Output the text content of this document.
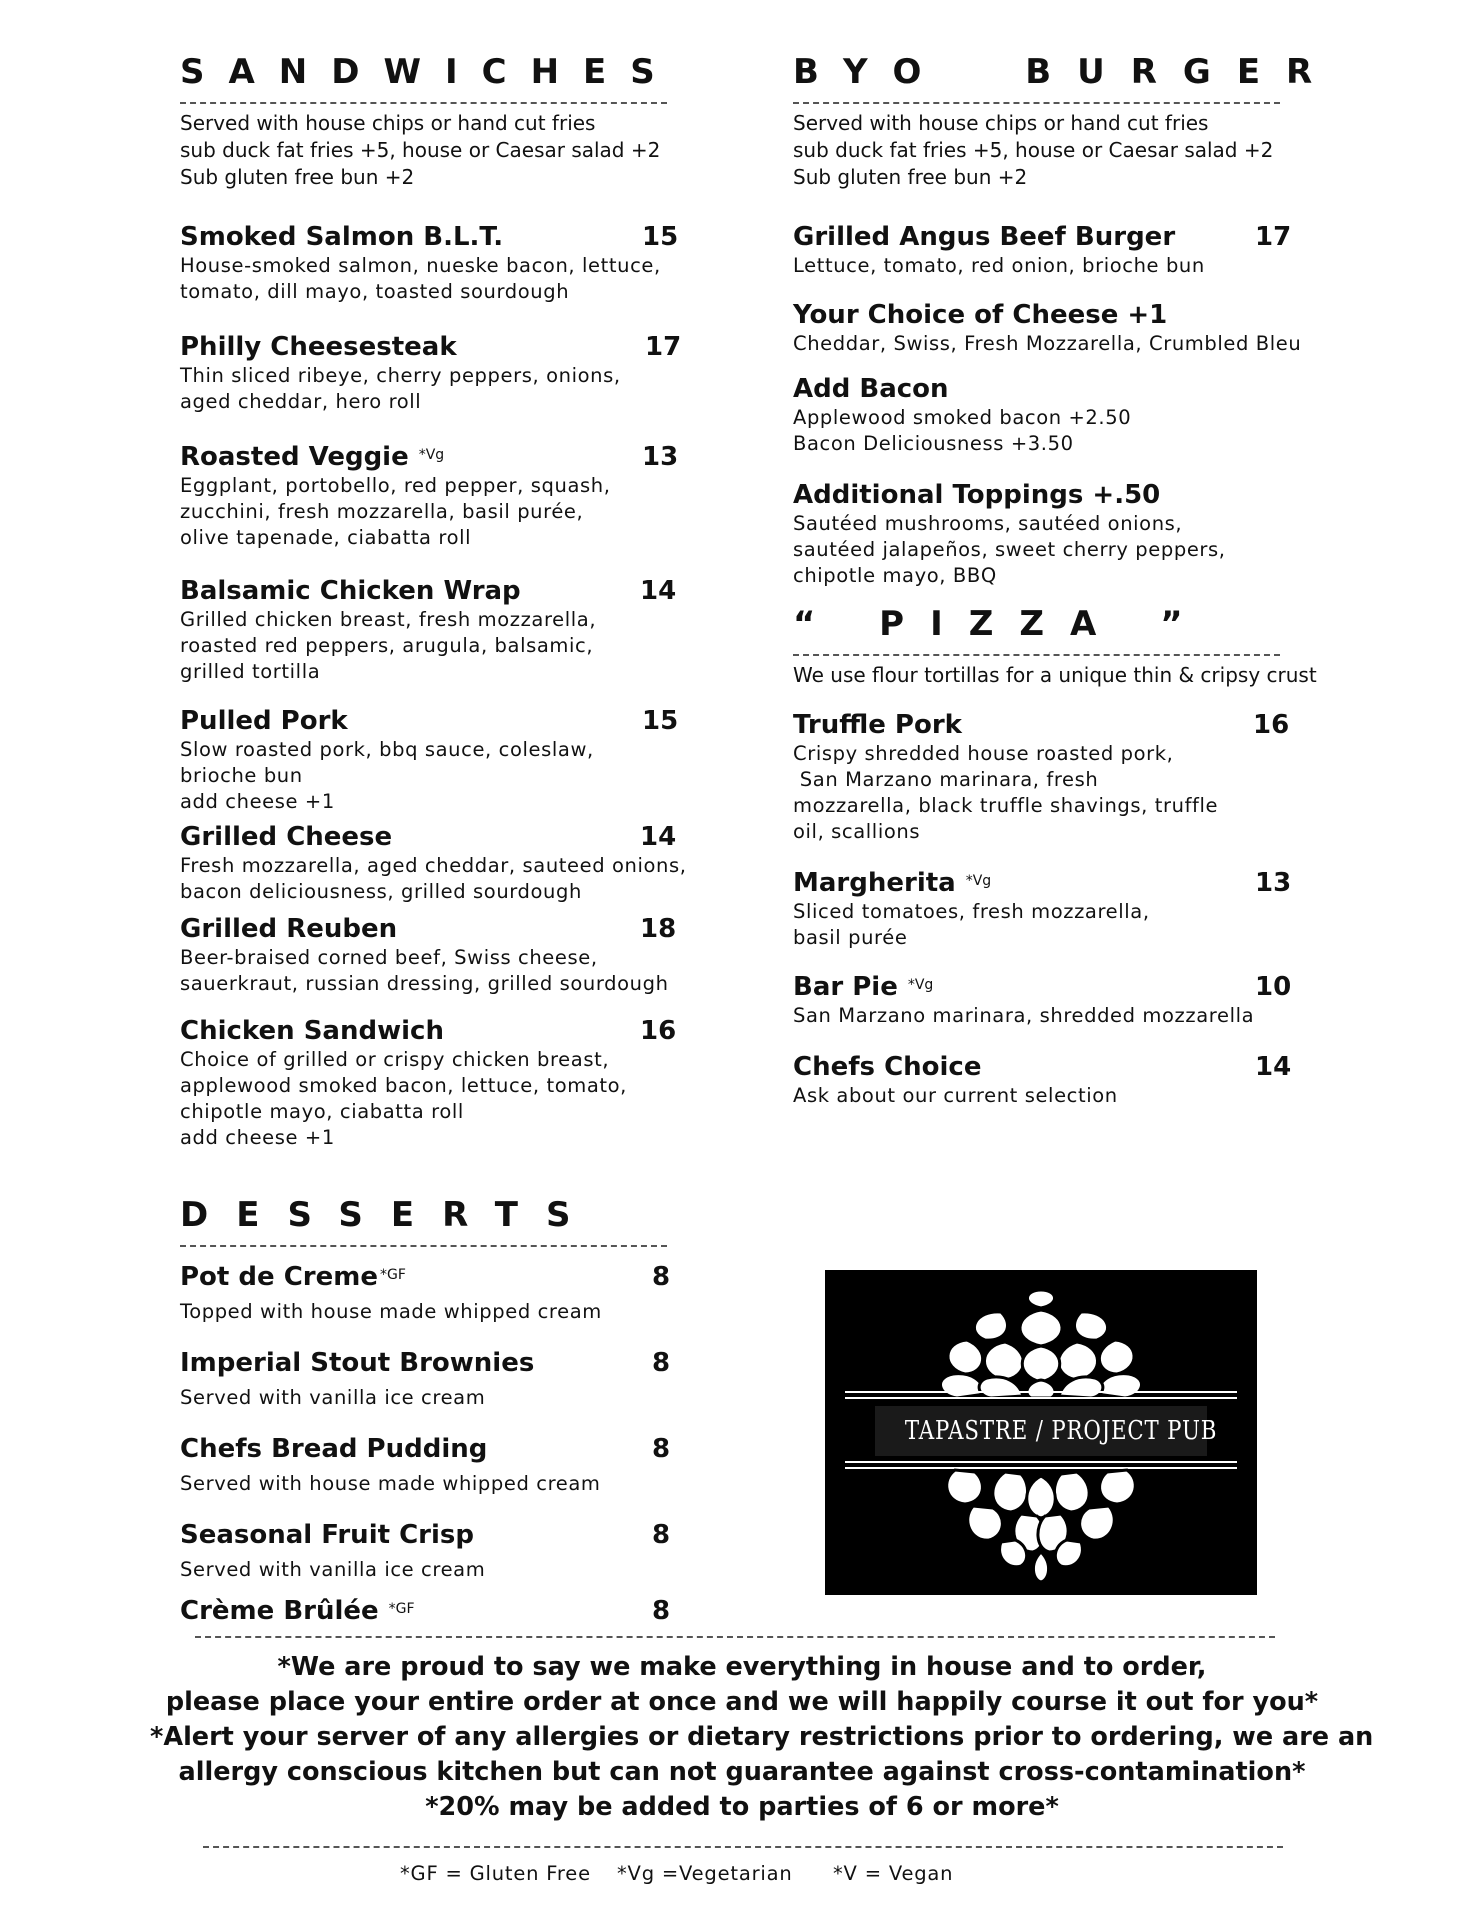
SANDWICHES
Served with house chips or hand cut fries
sub duck fat fries +5, house or Caesar salad +2
Sub gluten free bun +2
Smoked Salmon B.L.T.	15
House-smoked salmon, nueske bacon, lettuce,
tomato, dill mayo, toasted sourdough
Philly Cheesesteak	17
Thin sliced ribeye, cherry peppers, onions,
aged cheddar, hero roll
Roasted Veggie *Vg	13
Eggplant, portobello, red pepper, squash,
zucchini, fresh mozzarella, basil purée,
olive tapenade, ciabatta roll
Balsamic Chicken Wrap	14
Grilled chicken breast, fresh mozzarella,
roasted red peppers, arugula, balsamic,
grilled tortilla
Pulled Pork	15
Slow roasted pork, bbq sauce, coleslaw,
brioche bun
add cheese +1
Grilled Cheese	14
Fresh mozzarella, aged cheddar, sauteed onions,
bacon deliciousness, grilled sourdough
Grilled Reuben	18
Beer-braised corned beef, Swiss cheese,
sauerkraut, russian dressing, grilled sourdough
Chicken Sandwich	16
Choice of grilled or crispy chicken breast,
applewood smoked bacon, lettuce, tomato,
chipotle mayo, ciabatta roll
add cheese +1
BYO BURGER
Served with house chips or hand cut fries
sub duck fat fries +5, house or Caesar salad +2
Sub gluten free bun +2
Grilled Angus Beef Burger	17
Lettuce, tomato, red onion, brioche bun
Your Choice of Cheese +1
Cheddar, Swiss, Fresh Mozzarella, Crumbled Bleu
Add Bacon
Applewood smoked bacon +2.50
Bacon Deliciousness +3.50
Additional Toppings +.50
Sautéed mushrooms, sautéed onions,
sautéed jalapeños, sweet cherry peppers,
chipotle mayo, BBQ
“ PIZZA ”
We use flour tortillas for a unique thin & cripsy crust
Truffle Pork	16
Crispy shredded house roasted pork,
San Marzano marinara, fresh
mozzarella, black truffle shavings, truffle
oil, scallions
Margherita *Vg	13
Sliced tomatoes, fresh mozzarella,
basil purée
Bar Pie *Vg	10
San Marzano marinara, shredded mozzarella
Chefs Choice	14
Ask about our current selection
DESSERTS
Pot de Creme *GF	8
Topped with house made whipped cream
Imperial Stout Brownies	8
Served with vanilla ice cream
Chefs Bread Pudding	8
Served with house made whipped cream
Seasonal Fruit Crisp	8
Served with vanilla ice cream
Crème Brûlée *GF	8
TAPASTRE / PROJECT PUB
*We are proud to say we make everything in house and to order,
please place your entire order at once and we will happily course it out for you*
*Alert your server of any allergies or dietary restrictions prior to ordering, we are an
allergy conscious kitchen but can not guarantee against cross-contamination*
*20% may be added to parties of 6 or more*
*GF = Gluten Free *Vg =Vegetarian *V = Vegan
